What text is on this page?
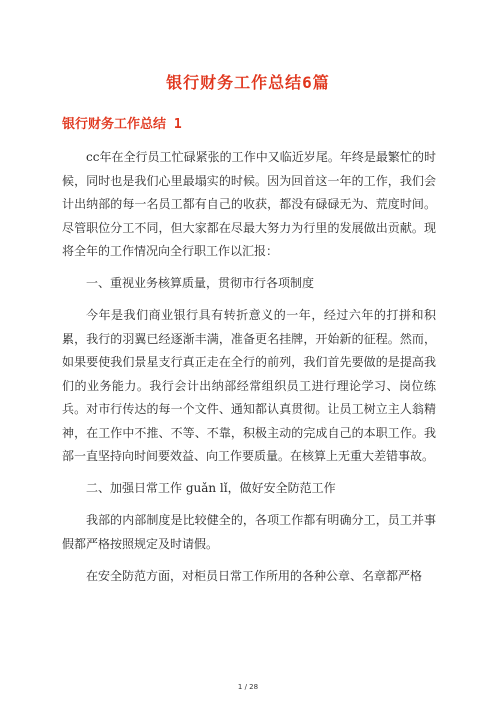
银行财务工作总结6篇
银行财务工作总结 1

cc年在全行员工忙碌紧张的工作中又临近岁尾。年终是最繁忙的时候，同时也是我们心里最塌实的时候。因为回首这一年的工作，我们会计出纳部的每一名员工都有自己的收获，都没有碌碌无为、荒度时间。尽管职位分工不同，但大家都在尽最大努力为行里的发展做出贡献。现将全年的工作情况向全行职工作以汇报：

一、重视业务核算质量，贯彻市行各项制度

今年是我们商业银行具有转折意义的一年，经过六年的打拼和积累，我行的羽翼已经逐渐丰满，准备更名挂牌，开始新的征程。然而，如果要使我们景星支行真正走在全行的前列，我们首先要做的是提高我们的业务能力。我行会计出纳部经常组织员工进行理论学习、岗位练兵。对市行传达的每一个文件、通知都认真贯彻。让员工树立主人翁精神，在工作中不推、不等、不靠，积极主动的完成自己的本职工作。我部一直坚持向时间要效益、向工作要质量。在核算上无重大差错事故。

二、加强日常工作 guǎn lǐ，做好安全防范工作

我部的内部制度是比较健全的，各项工作都有明确分工，员工并事假都严格按照规定及时请假。

在安全防范方面，对柜员日常工作所用的各种公章、名章都严格

1 / 28
